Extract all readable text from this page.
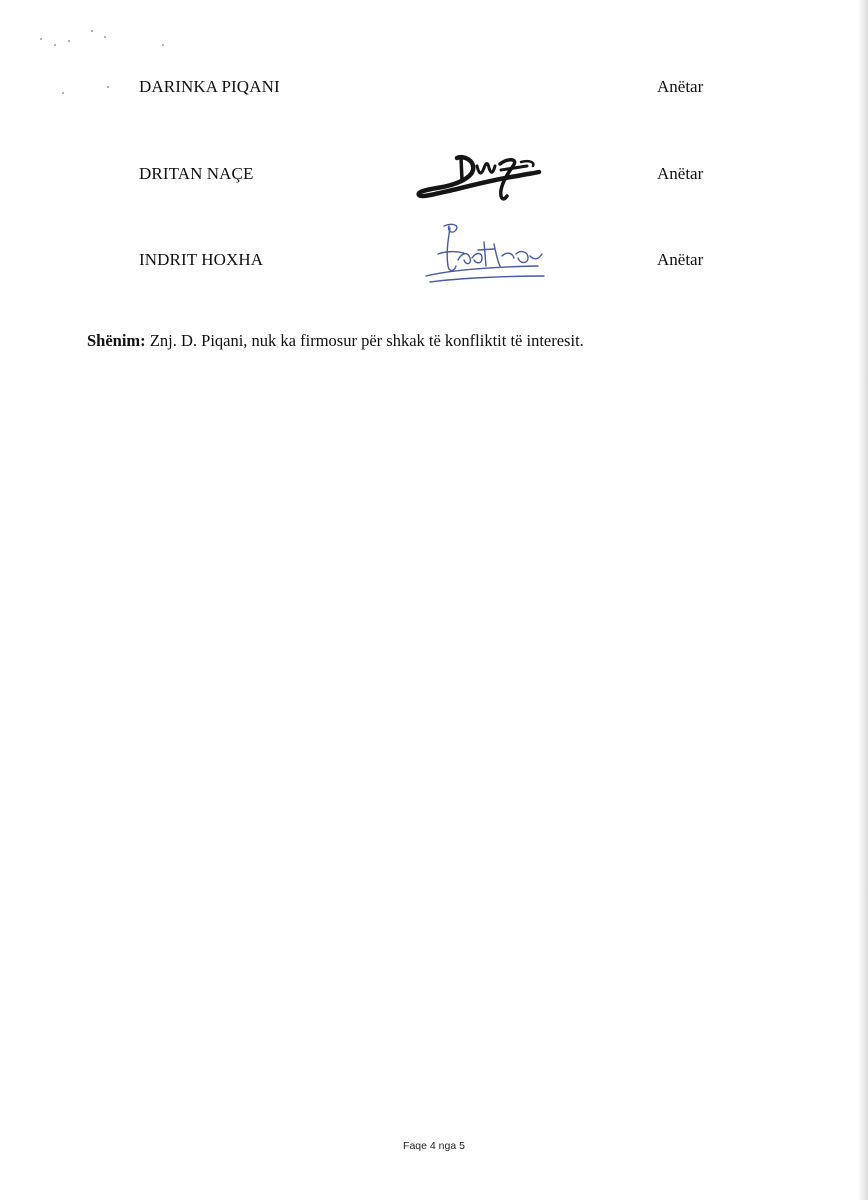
DARINKA PIQANI	Anëtar
DRITAN NAÇE	Anëtar
INDRIT HOXHA	Anëtar
Shënim: Znj. D. Piqani, nuk ka firmosur për shkak të konfliktit të interesit.
Faqe 4 nga 5
